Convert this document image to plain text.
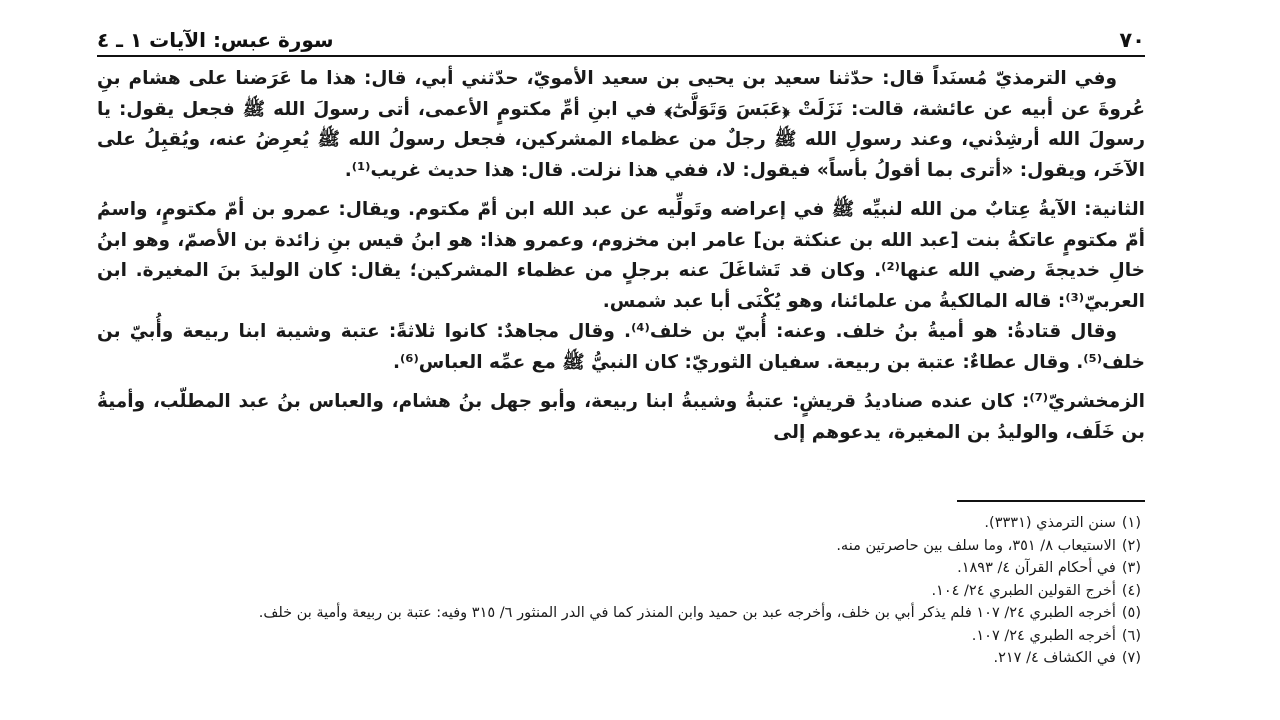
٧٠
سورة عبس: الآيات ١ ـ ٤

وفي الترمذيّ مُسنَداً قال: حدّثنا سعيد بن يحيى بن سعيد الأمويّ، حدّثني أبي، قال: هذا ما عَرَضنا على هشام بنِ عُروةَ عن أبيه عن عائشة، قالت: نَزَلَتْ ﴿عَبَسَ وَتَوَلَّىٰٓ﴾ في ابنِ أمِّ مكتومٍ الأعمى، أتى رسولَ الله ﷺ فجعل يقول: يا رسولَ الله أرشِدْني، وعند رسولِ الله ﷺ رجلٌ من عظماء المشركين، فجعل رسولُ الله ﷺ يُعرِضُ عنه، ويُقبِلُ على الآخَر، ويقول: «أترى بما أقولُ بأساً» فيقول: لا، ففي هذا نزلت. قال: هذا حديث غريب⁽¹⁾.

الثانية: الآيةُ عِتابٌ من الله لنبيِّه ﷺ في إعراضه وتَولِّيه عن عبد الله ابن أمّ مكتوم. ويقال: عمرو بن أمّ مكتومٍ، واسمُ أمّ مكتومٍ عاتكةُ بنت [عبد الله بن عنكثة بن] عامر ابن مخزوم، وعمرو هذا: هو ابنُ قيس بنِ زائدة بن الأصمّ، وهو ابنُ خالِ خديجةَ رضي الله عنها⁽²⁾. وكان قد تَشاغَلَ عنه برجلٍ من عظماء المشركين؛ يقال: كان الوليدَ بنَ المغيرة. ابن العربيّ⁽³⁾: قاله المالكيةُ من علمائنا، وهو يُكْنَى أبا عبد شمس.

وقال قتادةُ: هو أميةُ بنُ خلف. وعنه: أُبيّ بن خلف⁽⁴⁾. وقال مجاهدٌ: كانوا ثلاثةً: عتبة وشيبة ابنا ربيعة وأُبيّ بن خلف⁽⁵⁾. وقال عطاءٌ: عتبة بن ربيعة. سفيان الثوريّ: كان النبيُّ ﷺ مع عمِّه العباس⁽⁶⁾.

الزمخشريّ⁽⁷⁾: كان عنده صناديدُ قريشٍ: عتبةُ وشيبةُ ابنا ربيعة، وأبو جهل بنُ هشام، والعباس بنُ عبد المطلّب، وأميةُ بن خَلَف، والوليدُ بن المغيرة، يدعوهم إلى

(١)سنن الترمذي (٣٣٣١).
(٢)الاستيعاب ٨/ ٣٥١، وما سلف بين حاصرتين منه.
(٣)في أحكام القرآن ٤/ ١٨٩٣.
(٤)أخرج القولين الطبري ٢٤/ ١٠٤.
(٥)أخرجه الطبري ٢٤/ ١٠٧ فلم يذكر أبي بن خلف، وأخرجه عبد بن حميد وابن المنذر كما في الدر المنثور ٦/ ٣١٥ وفيه: عتبة بن ربيعة وأمية بن خلف.
(٦)أخرجه الطبري ٢٤/ ١٠٧.
(٧)في الكشاف ٤/ ٢١٧.
